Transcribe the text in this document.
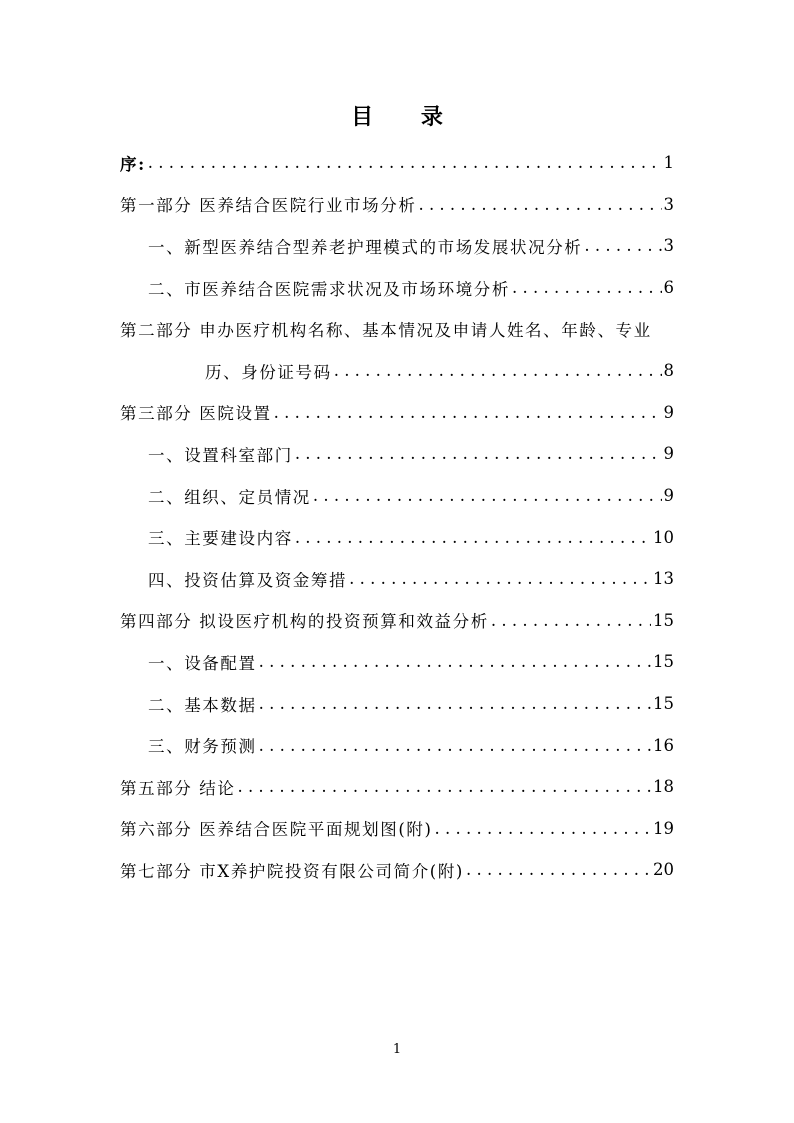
目 录
序: . . .	1
第一部分 医养结合医院行业市场分析 . . .	3
一、新型医养结合型养老护理模式的市场发展状况分析 . . .	3
二、市医养结合医院需求状况及市场环境分析 . . .	6
第二部分 申办医疗机构名称、基本情况及申请人姓名、年龄、专业
历、身份证号码 . . .	8
第三部分 医院设置 . . .	9
一、设置科室部门 . . .	9
二、组织、定员情况 . . .	9
三、主要建设内容 . . .	10
四、投资估算及资金筹措 . . .	13
第四部分 拟设医疗机构的投资预算和效益分析 . . .	15
一、设备配置 . . .	15
二、基本数据 . . .	15
三、财务预测 . . .	16
第五部分 结论 . . .	18
第六部分 医养结合医院平面规划图(附) . . .	19
第七部分 市X养护院投资有限公司简介(附) . . .	20
1
